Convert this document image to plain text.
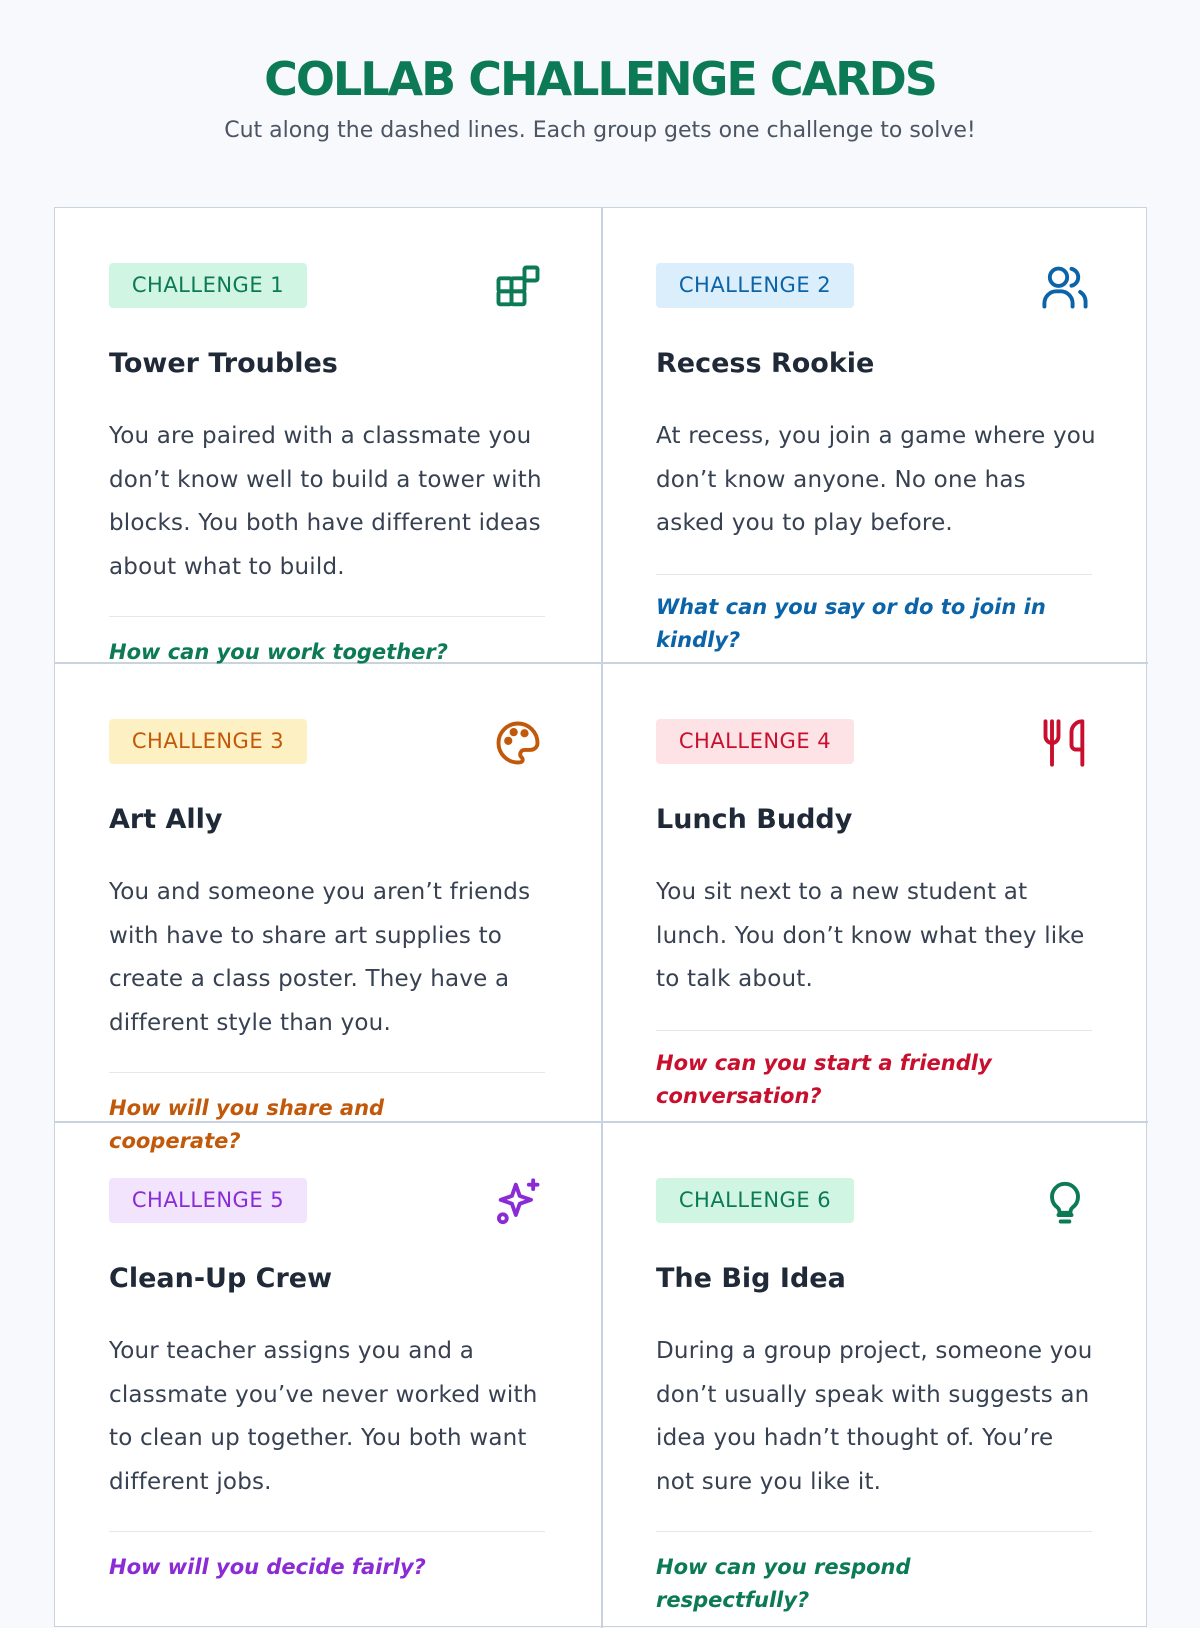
COLLAB CHALLENGE CARDS
Cut along the dashed lines. Each group gets one challenge to solve!
CHALLENGE 1
Tower Troubles
You are paired with a classmate you don’t know well to build a tower with blocks. You both have different ideas about what to build.
How can you work together?
CHALLENGE 2
Recess Rookie
At recess, you join a game where you don’t know anyone. No one has asked you to play before.
What can you say or do to join in kindly?
CHALLENGE 3
Art Ally
You and someone you aren’t friends with have to share art supplies to create a class poster. They have a different style than you.
How will you share and cooperate?
CHALLENGE 4
Lunch Buddy
You sit next to a new student at lunch. You don’t know what they like to talk about.
How can you start a friendly conversation?
CHALLENGE 5
Clean-Up Crew
Your teacher assigns you and a classmate you’ve never worked with to clean up together. You both want different jobs.
How will you decide fairly?
CHALLENGE 6
The Big Idea
During a group project, someone you don’t usually speak with suggests an idea you hadn’t thought of. You’re not sure you like it.
How can you respond respectfully?
